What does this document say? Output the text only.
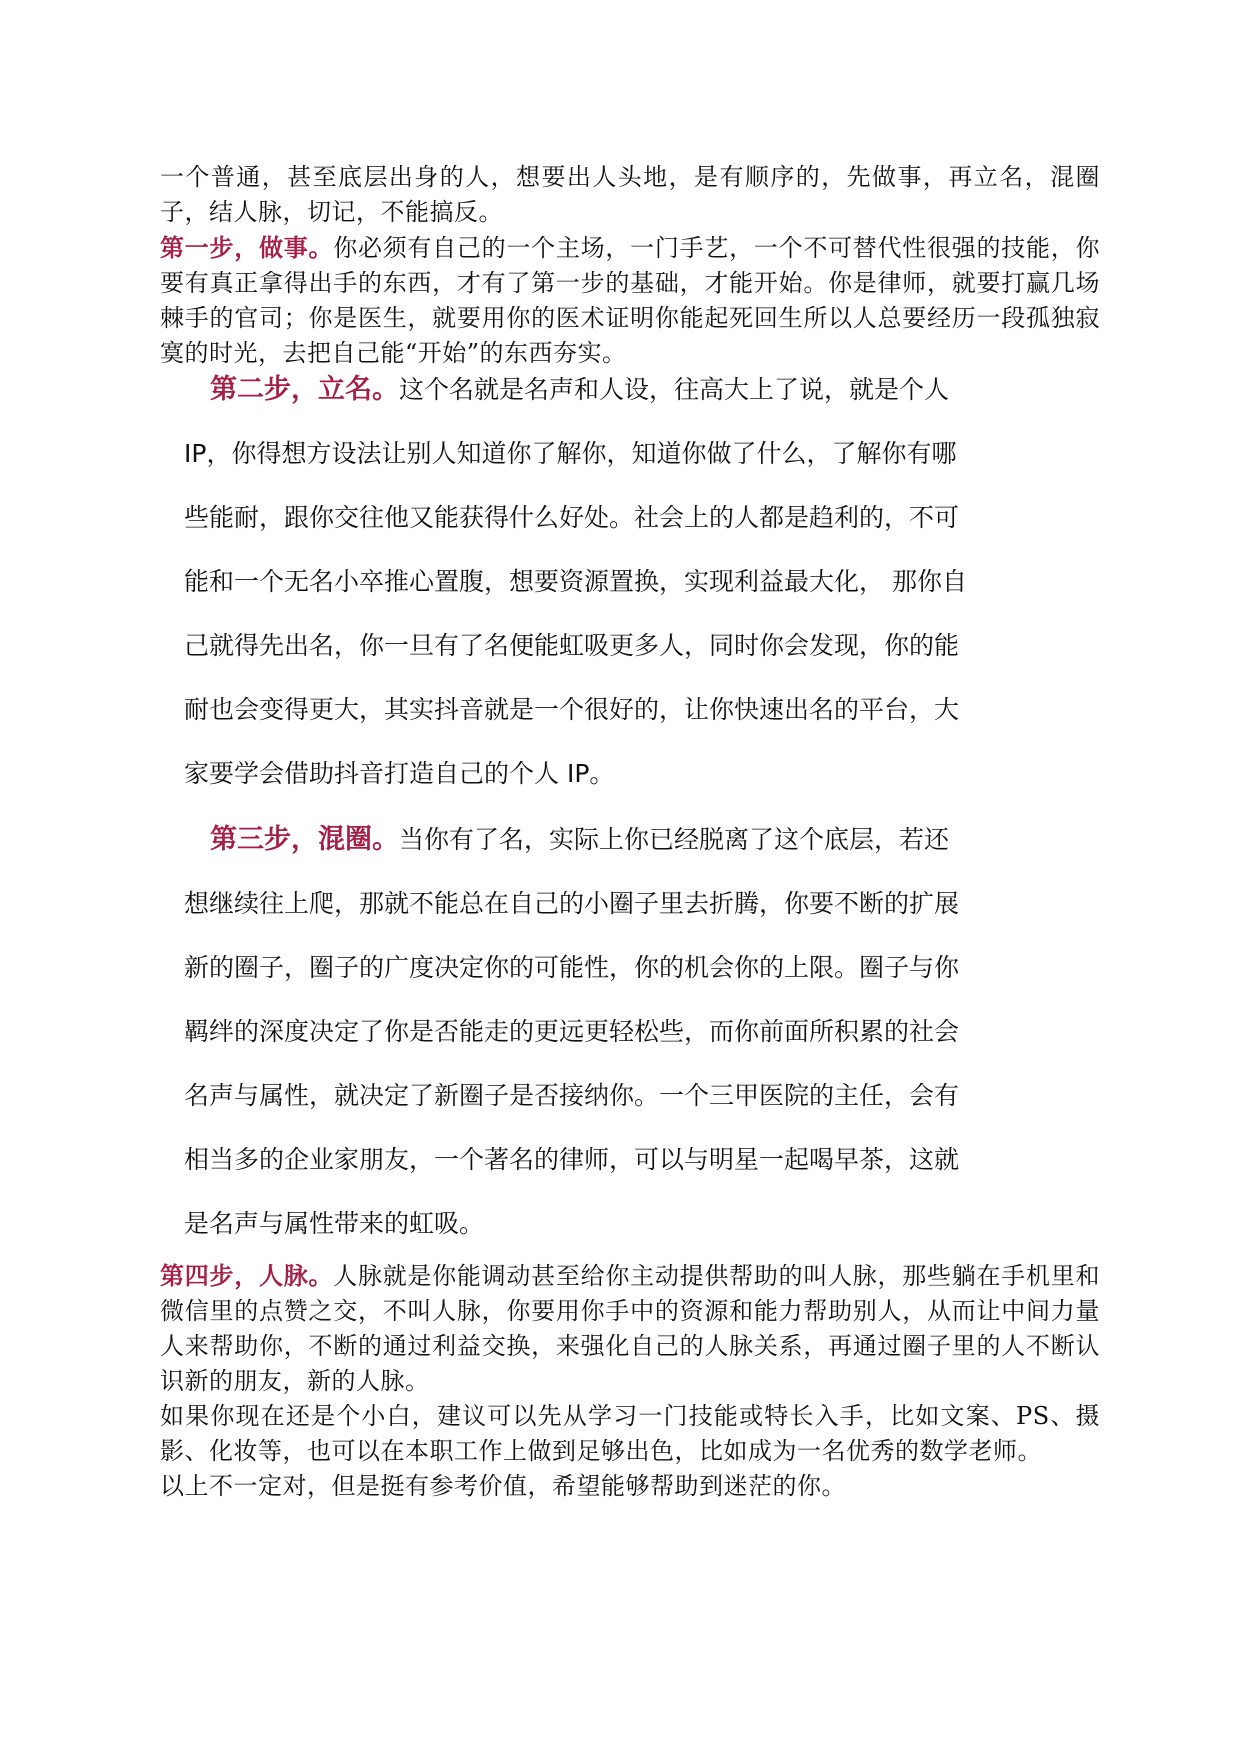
一个普通，甚至底层出身的人，想要出人头地，是有顺序的，先做事，再立名，混圈子，结人脉，切记，不能搞反。

第一步，做事。你必须有自己的一个主场，一门手艺，一个不可替代性很强的技能，你要有真正拿得出手的东西，才有了第一步的基础，才能开始。你是律师，就要打赢几场棘手的官司；你是医生，就要用你的医术证明你能起死回生所以人总要经历一段孤独寂寞的时光，去把自己能“开始”的东西夯实。

第二步，立名。这个名就是名声和人设，往高大上了说，就是个人
IP，你得想方设法让别人知道你了解你，知道你做了什么，了解你有哪
些能耐，跟你交往他又能获得什么好处。社会上的人都是趋利的，不可
能和一个无名小卒推心置腹，想要资源置换，实现利益最大化， 那你自
己就得先出名，你一旦有了名便能虹吸更多人，同时你会发现，你的能
耐也会变得更大，其实抖音就是一个很好的，让你快速出名的平台，大
家要学会借助抖音打造自己的个人 IP。
第三步，混圈。当你有了名，实际上你已经脱离了这个底层，若还
想继续往上爬，那就不能总在自己的小圈子里去折腾，你要不断的扩展
新的圈子，圈子的广度决定你的可能性，你的机会你的上限。圈子与你
羁绊的深度决定了你是否能走的更远更轻松些，而你前面所积累的社会
名声与属性，就决定了新圈子是否接纳你。一个三甲医院的主任，会有
相当多的企业家朋友，一个著名的律师，可以与明星一起喝早茶，这就
是名声与属性带来的虹吸。

第四步，人脉。人脉就是你能调动甚至给你主动提供帮助的叫人脉，那些躺在手机里和微信里的点赞之交，不叫人脉，你要用你手中的资源和能力帮助别人，从而让中间力量人来帮助你，不断的通过利益交换，来强化自己的人脉关系，再通过圈子里的人不断认识新的朋友，新的人脉。

如果你现在还是个小白，建议可以先从学习一门技能或特长入手，比如文案、PS、摄影、化妆等，也可以在本职工作上做到足够出色，比如成为一名优秀的数学老师。

以上不一定对，但是挺有参考价值，希望能够帮助到迷茫的你。
